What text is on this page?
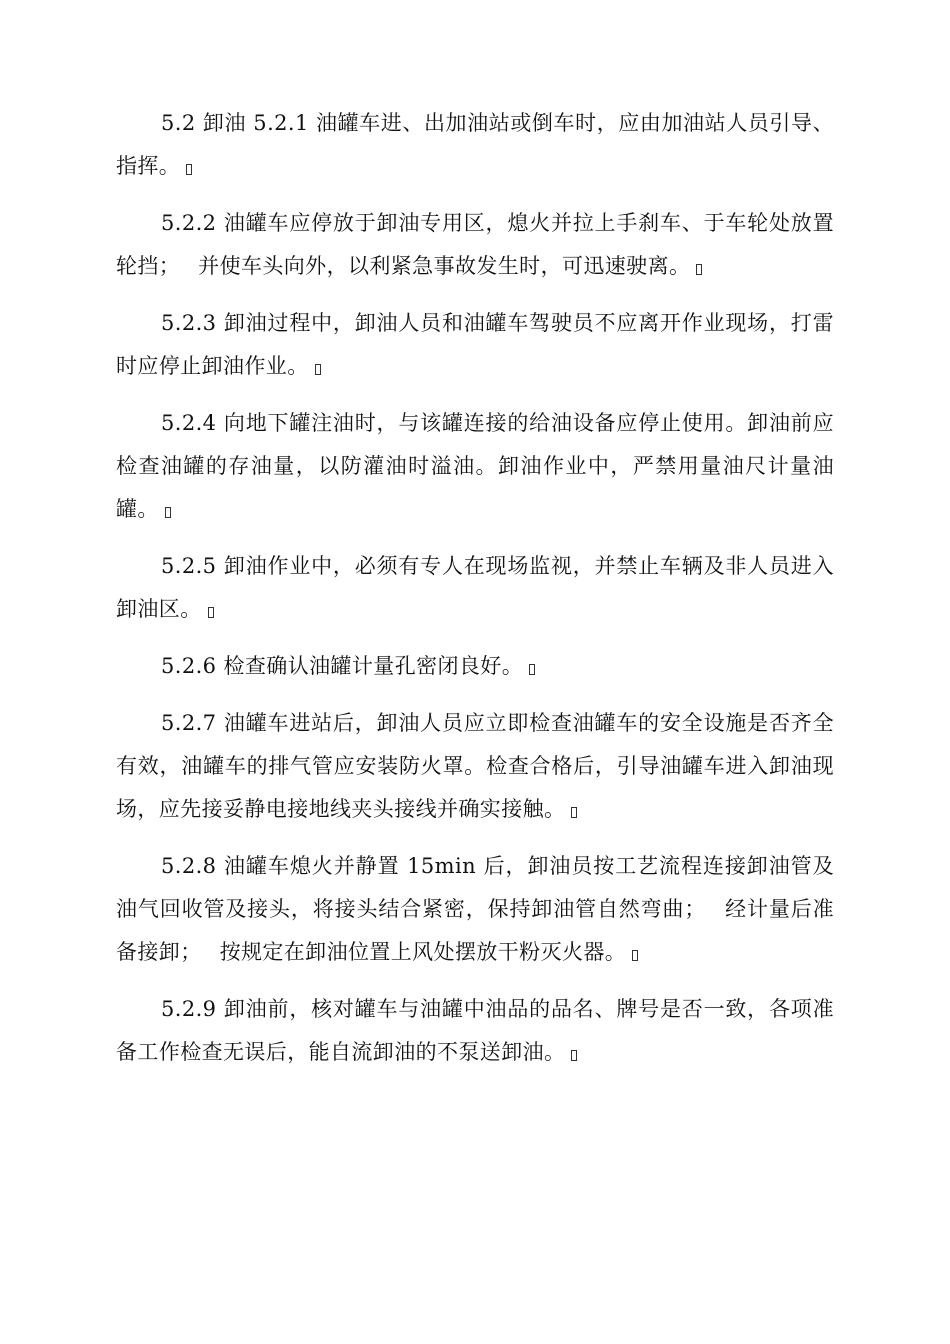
5.2 卸油 5.2.1 油罐车进、出加油站或倒车时，应由加油站人员引导、指挥。

5.2.2 油罐车应停放于卸油专用区，熄火并拉上手刹车、于车轮处放置轮挡；　 并使车头向外，以利紧急事故发生时，可迅速驶离。

5.2.3 卸油过程中，卸油人员和油罐车驾驶员不应离开作业现场，打雷时应停止卸油作业。

5.2.4 向地下罐注油时，与该罐连接的给油设备应停止使用。卸油前应检查油罐的存油量，以防灌油时溢油。卸油作业中，严禁用量油尺计量油罐。

5.2.5 卸油作业中，必须有专人在现场监视，并禁止车辆及非人员进入卸油区。

5.2.6 检查确认油罐计量孔密闭良好。

5.2.7 油罐车进站后，卸油人员应立即检查油罐车的安全设施是否齐全有效，油罐车的排气管应安装防火罩。检查合格后，引导油罐车进入卸油现场，应先接妥静电接地线夹头接线并确实接触。

5.2.8 油罐车熄火并静置 15min 后，卸油员按工艺流程连接卸油管及油气回收管及接头，将接头结合紧密，保持卸油管自然弯曲；　 经计量后准备接卸；　 按规定在卸油位置上风处摆放干粉灭火器。

5.2.9 卸油前，核对罐车与油罐中油品的品名、牌号是否一致，各项准备工作检查无误后，能自流卸油的不泵送卸油。
